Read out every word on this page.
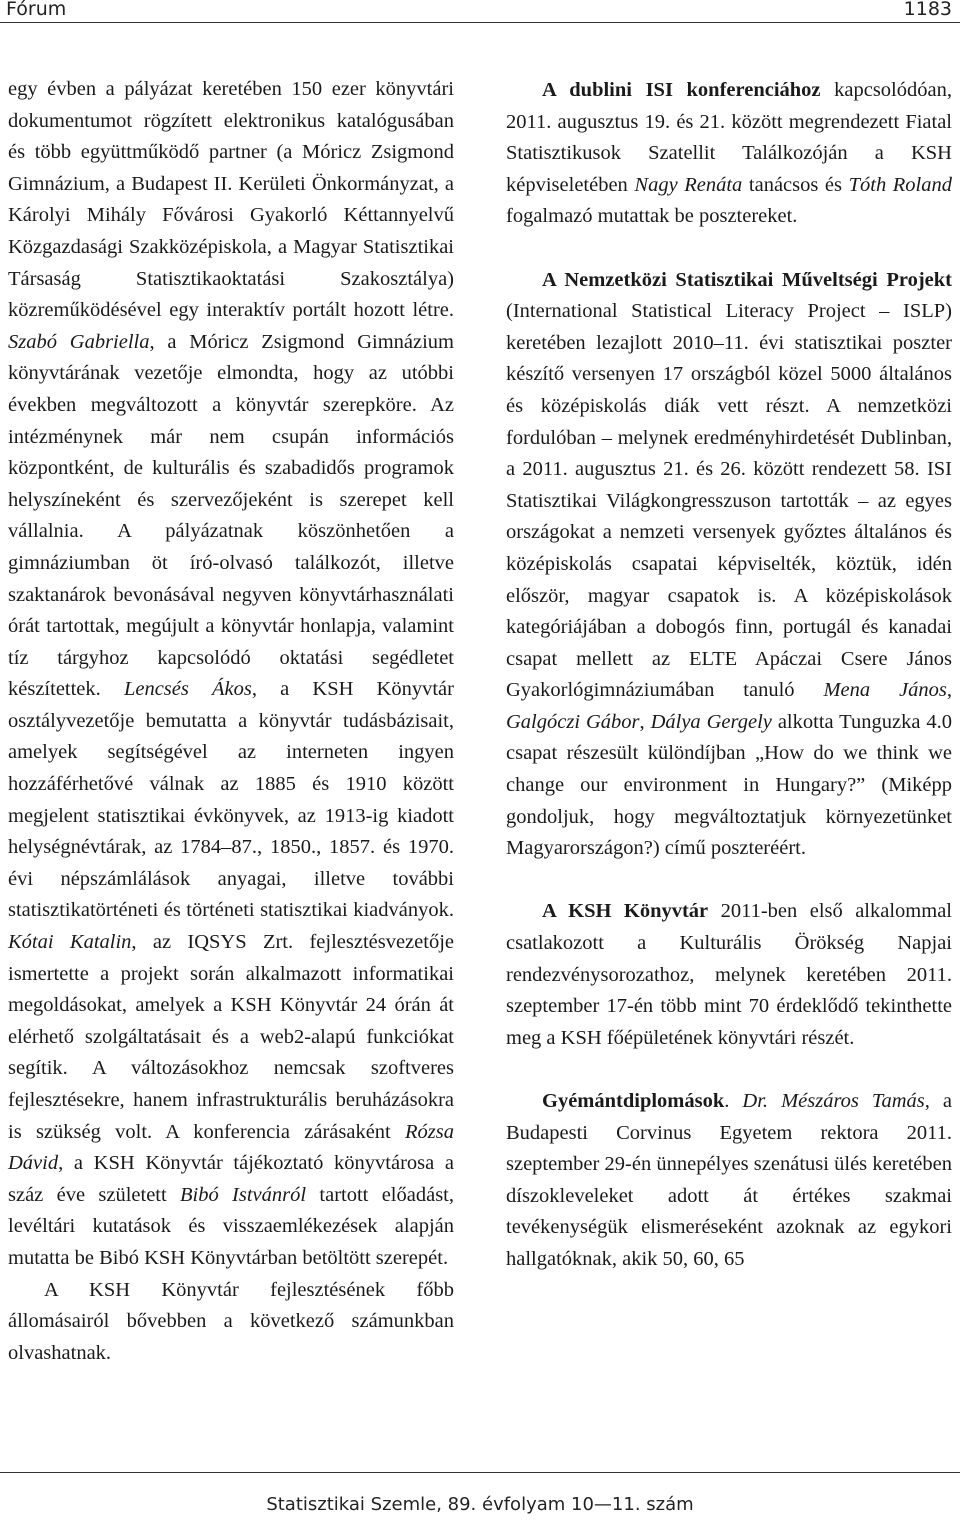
Fórum	1183

egy évben a pályázat keretében 150 ezer könyvtári dokumentumot rögzített elektronikus katalógusában és több együttműködő partner (a Móricz Zsigmond Gimnázium, a Budapest II. Kerületi Önkormányzat, a Károlyi Mihály Fővárosi Gyakorló Kéttannyelvű Közgazdasági Szakközépiskola, a Magyar Statisztikai Társaság Statisztikaoktatási Szakosztálya) közreműködésével egy interaktív portált hozott létre. Szabó Gabriella, a Móricz Zsigmond Gimnázium könyvtárának vezetője elmondta, hogy az utóbbi években megváltozott a könyvtár szerepköre. Az intézménynek már nem csupán információs központként, de kulturális és szabadidős programok helyszíneként és szervezőjeként is szerepet kell vállalnia. A pályázatnak köszönhetően a gimnáziumban öt író-olvasó találkozót, illetve szaktanárok bevonásával negyven könyvtárhasználati órát tartottak, megújult a könyvtár honlapja, valamint tíz tárgyhoz kapcsolódó oktatási segédletet készítettek. Lencsés Ákos, a KSH Könyvtár osztályvezetője bemutatta a könyvtár tudásbázisait, amelyek segítségével az interneten ingyen hozzáférhetővé válnak az 1885 és 1910 között megjelent statisztikai évkönyvek, az 1913-ig kiadott helységnévtárak, az 1784–87., 1850., 1857. és 1970. évi népszámlálások anyagai, illetve további statisztikatörténeti és történeti statisztikai kiadványok. Kótai Katalin, az IQSYS Zrt. fejlesztésvezetője ismertette a projekt során alkalmazott informatikai megoldásokat, amelyek a KSH Könyvtár 24 órán át elérhető szolgáltatásait és a web2-alapú funkciókat segítik. A változásokhoz nemcsak szoftveres fejlesztésekre, hanem infrastrukturális beruházásokra is szükség volt. A konferencia zárásaként Rózsa Dávid, a KSH Könyvtár tájékoztató könyvtárosa a száz éve született Bibó Istvánról tartott előadást, levéltári kutatások és visszaemlékezések alapján mutatta be Bibó KSH Könyvtárban betöltött szerepét.

A KSH Könyvtár fejlesztésének főbb állomásairól bővebben a következő számunkban olvashatnak.

A dublini ISI konferenciához kapcsolódóan, 2011. augusztus 19. és 21. között megrendezett Fiatal Statisztikusok Szatellit Találkozóján a KSH képviseletében Nagy Renáta tanácsos és Tóth Roland fogalmazó mutattak be posztereket.

A Nemzetközi Statisztikai Műveltségi Projekt (International Statistical Literacy Project – ISLP) keretében lezajlott 2010–11. évi statisztikai poszter készítő versenyen 17 országból közel 5000 általános és középiskolás diák vett részt. A nemzetközi fordulóban – melynek eredményhirdetését Dublinban, a 2011. augusztus 21. és 26. között rendezett 58. ISI Statisztikai Világkongresszuson tartották – az egyes országokat a nemzeti versenyek győztes általános és középiskolás csapatai képviselték, köztük, idén először, magyar csapatok is. A középiskolások kategóriájában a dobogós finn, portugál és kanadai csapat mellett az ELTE Apáczai Csere János Gyakorlógimnáziumában tanuló Mena János, Galgóczi Gábor, Dálya Gergely alkotta Tunguzka 4.0 csapat részesült különdíjban „How do we think we change our environment in Hungary?” (Miképp gondoljuk, hogy megváltoztatjuk környezetünket Magyarországon?) című poszteréért.

A KSH Könyvtár 2011-ben első alkalommal csatlakozott a Kulturális Örökség Napjai rendezvénysorozathoz, melynek keretében 2011. szeptember 17-én több mint 70 érdeklődő tekinthette meg a KSH főépületének könyvtári részét.

Gyémántdiplomások. Dr. Mészáros Tamás, a Budapesti Corvinus Egyetem rektora 2011. szeptember 29-én ünnepélyes szenátusi ülés keretében díszokleveleket adott át értékes szakmai tevékenységük elismeréseként azoknak az egykori hallgatóknak, akik 50, 60, 65

Statisztikai Szemle, 89. évfolyam 10—11. szám
